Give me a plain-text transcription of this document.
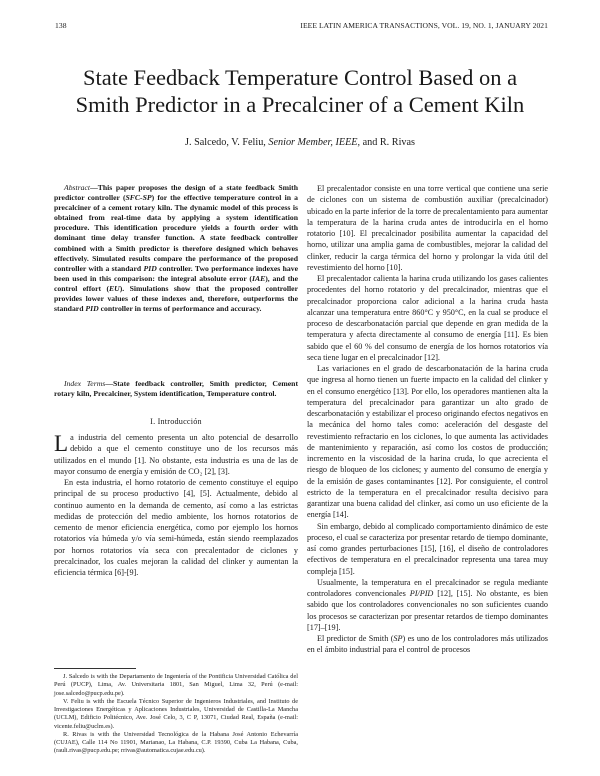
138	IEEE LATIN AMERICA TRANSACTIONS, VOL. 19, NO. 1, JANUARY 2021
State Feedback Temperature Control Based on a
Smith Predictor in a Precalciner of a Cement Kiln
J. Salcedo, V. Feliu, Senior Member, IEEE, and R. Rivas

Abstract—This paper proposes the design of a state feedback Smith predictor controller (SFC-SP) for the effective temperature control in a precalciner of a cement rotary kiln. The dynamic model of this process is obtained from real-time data by applying a system identification procedure. This identification procedure yields a fourth order with dominant time delay transfer function. A state feedback controller combined with a Smith predictor is therefore designed which behaves effectively. Simulated results compare the performance of the proposed controller with a standard PID controller. Two performance indexes have been used in this comparison: the integral absolute error (IAE), and the control effort (EU). Simulations show that the proposed controller provides lower values of these indexes and, therefore, outperforms the standard PID controller in terms of performance and accuracy.

Index Terms—State feedback controller, Smith predictor, Cement rotary kiln, Precalciner, System identification, Temperature control.

I. Introducción

La industria del cemento presenta un alto potencial de desarrollo debido a que el cemento constituye uno de los recursos más utilizados en el mundo [1]. No obstante, esta industria es una de las de mayor consumo de energía y emisión de CO₂ [2], [3].

En esta industria, el horno rotatorio de cemento constituye el equipo principal de su proceso productivo [4], [5]. Actualmente, debido al continuo aumento en la demanda de cemento, así como a las estrictas medidas de protección del medio ambiente, los hornos rotatorios de cemento de menor eficiencia energética, como por ejemplo los hornos rotatorios vía húmeda y/o vía semi-húmeda, están siendo reemplazados por hornos rotatorios vía seca con precalentador de ciclones y precalcinador, los cuales mejoran la calidad del clinker y aumentan la eficiencia térmica [6]-[9].

J. Salcedo is with the Departamento de Ingeniería of the Pontificia Universidad Católica del Perú (PUCP), Lima, Av. Universitaria 1801, San Miguel, Lima 32, Perú (e-mail: jose.salcedo@pucp.edu.pe).

V. Feliu is with the Escuela Técnico Superior de Ingenieros Industriales, and Instituto de Investigaciones Energéticas y Aplicaciones Industriales, Universidad de Castilla-La Mancha (UCLM), Edificio Politécnico, Ave. José Celo, 3, C P, 13071, Ciudad Real, España (e-mail: vicente.feliu@uclm.es).

R. Rivas is with the Universidad Tecnológica de la Habana José Antonio Echevarría (CUJAE), Calle 114 No 11901, Marianao, La Habana, C.P. 19390, Cuba La Habana, Cuba, (rauli.rivas@pucp.edu.pe; rrivas@automatica.cujae.edu.cu).

El precalentador consiste en una torre vertical que contiene una serie de ciclones con un sistema de combustión auxiliar (precalcinador) ubicado en la parte inferior de la torre de precalentamiento para aumentar la temperatura de la harina cruda antes de introducirla en el horno rotatorio [10]. El precalcinador posibilita aumentar la capacidad del horno, utilizar una amplia gama de combustibles, mejorar la calidad del clinker, reducir la carga térmica del horno y prolongar la vida útil del revestimiento del horno [10].

El precalentador calienta la harina cruda utilizando los gases calientes procedentes del horno rotatorio y del precalcinador, mientras que el precalcinador proporciona calor adicional a la harina cruda hasta alcanzar una temperatura entre 860°C y 950°C, en la cual se produce el proceso de descarbonatación parcial que depende en gran medida de la temperatura y afecta directamente al consumo de energía [11]. Es bien sabido que el 60 % del consumo de energía de los hornos rotatorios vía seca tiene lugar en el precalcinador [12].

Las variaciones en el grado de descarbonatación de la harina cruda que ingresa al horno tienen un fuerte impacto en la calidad del clinker y en el consumo energético [13]. Por ello, los operadores mantienen alta la temperatura del precalcinador para garantizar un alto grado de descarbonatación y estabilizar el proceso originando efectos negativos en la mecánica del horno tales como: aceleración del desgaste del revestimiento refractario en los ciclones, lo que aumenta las actividades de mantenimiento y reparación, así como los costos de producción; incremento en la viscosidad de la harina cruda, lo que acrecienta el riesgo de bloqueo de los ciclones; y aumento del consumo de energía y de la emisión de gases contaminantes [12]. Por consiguiente, el control estricto de la temperatura en el precalcinador resulta decisivo para garantizar una buena calidad del clinker, así como un uso eficiente de la energía [14].

Sin embargo, debido al complicado comportamiento dinámico de este proceso, el cual se caracteriza por presentar retardo de tiempo dominante, así como grandes perturbaciones [15], [16], el diseño de controladores efectivos de temperatura en el precalcinador representa una tarea muy compleja [15].

Usualmente, la temperatura en el precalcinador se regula mediante controladores convencionales PI/PID [12], [15]. No obstante, es bien sabido que los controladores convencionales no son suficientes cuando los procesos se caracterizan por presentar retardos de tiempo dominantes [17]–[19].

El predictor de Smith (SP) es uno de los controladores más utilizados en el ámbito industrial para el control de procesos
